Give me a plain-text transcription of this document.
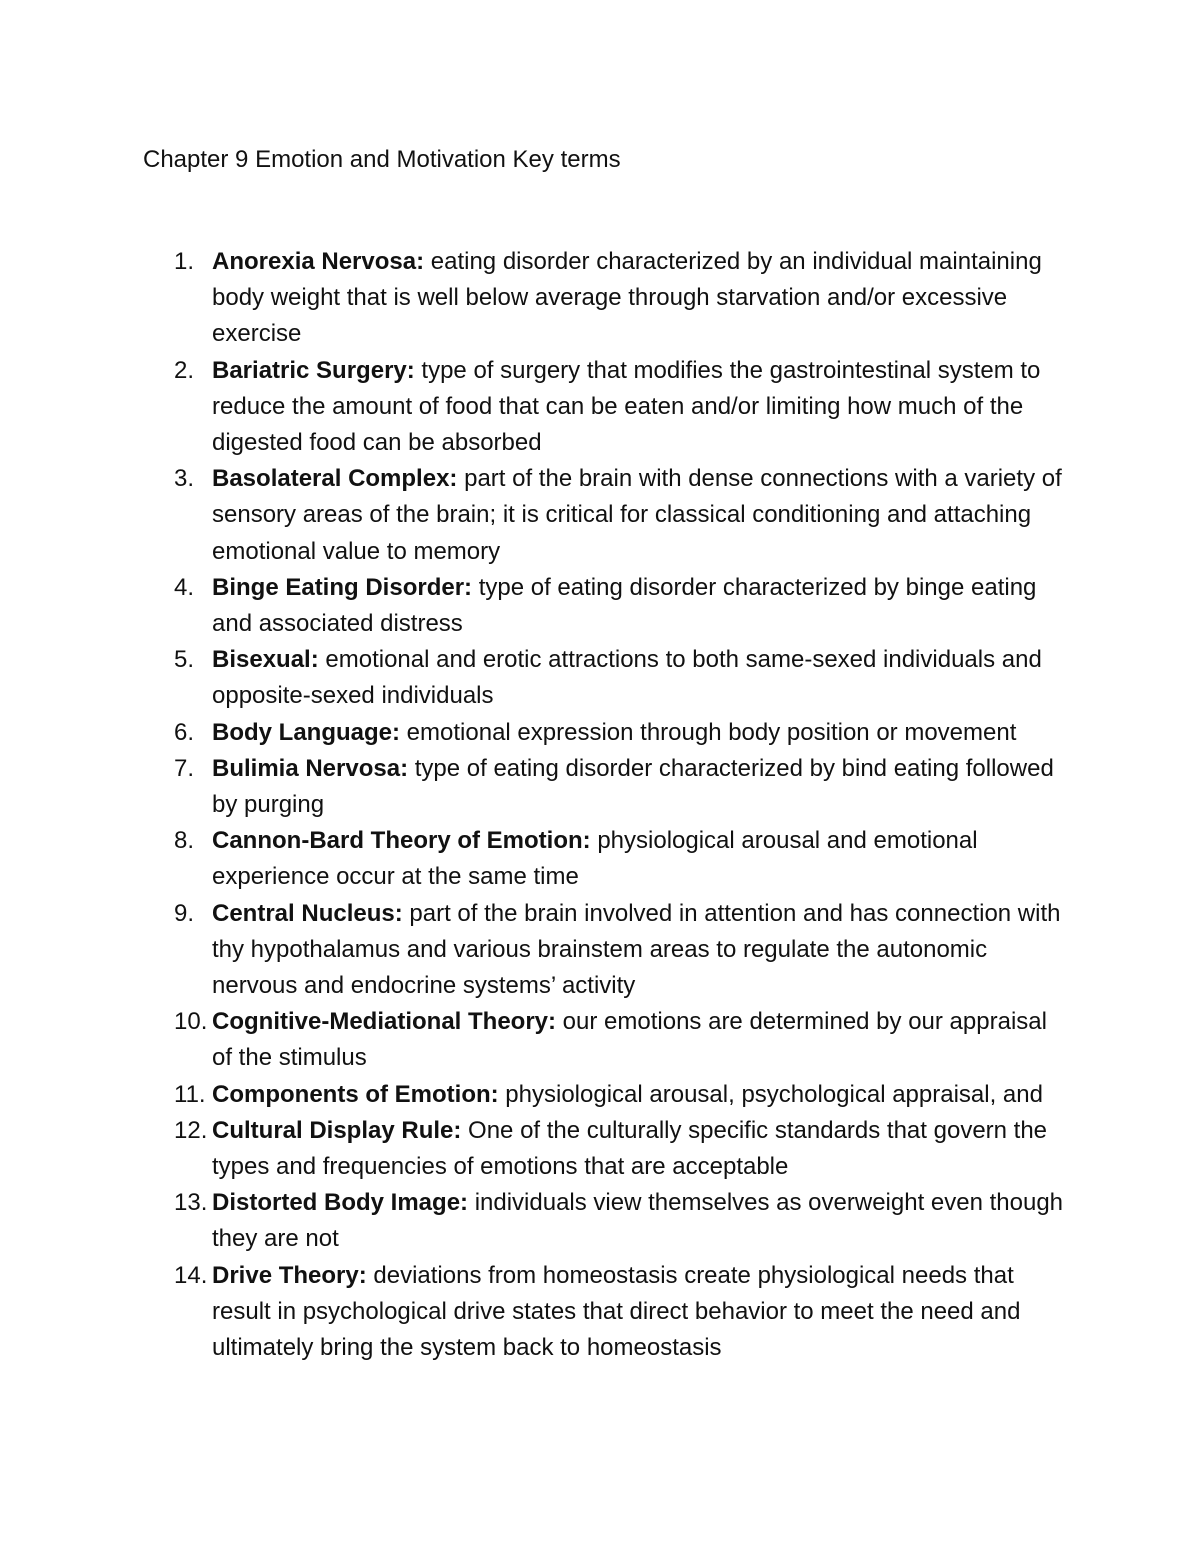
Chapter 9 Emotion and Motivation Key terms
1. Anorexia Nervosa: eating disorder characterized by an individual maintaining body weight that is well below average through starvation and/or excessive exercise
2. Bariatric Surgery: type of surgery that modifies the gastrointestinal system to reduce the amount of food that can be eaten and/or limiting how much of the digested food can be absorbed
3. Basolateral Complex: part of the brain with dense connections with a variety of sensory areas of the brain; it is critical for classical conditioning and attaching emotional value to memory
4. Binge Eating Disorder: type of eating disorder characterized by binge eating and associated distress
5. Bisexual: emotional and erotic attractions to both same-sexed individuals and opposite-sexed individuals
6. Body Language: emotional expression through body position or movement
7. Bulimia Nervosa: type of eating disorder characterized by bind eating followed by purging
8. Cannon-Bard Theory of Emotion: physiological arousal and emotional experience occur at the same time
9. Central Nucleus: part of the brain involved in attention and has connection with thy hypothalamus and various brainstem areas to regulate the autonomic nervous and endocrine systems’ activity
10. Cognitive-Mediational Theory: our emotions are determined by our appraisal of the stimulus
11. Components of Emotion: physiological arousal, psychological appraisal, and
12. Cultural Display Rule: One of the culturally specific standards that govern the types and frequencies of emotions that are acceptable
13. Distorted Body Image: individuals view themselves as overweight even though they are not
14. Drive Theory: deviations from homeostasis create physiological needs that result in psychological drive states that direct behavior to meet the need and ultimately bring the system back to homeostasis
